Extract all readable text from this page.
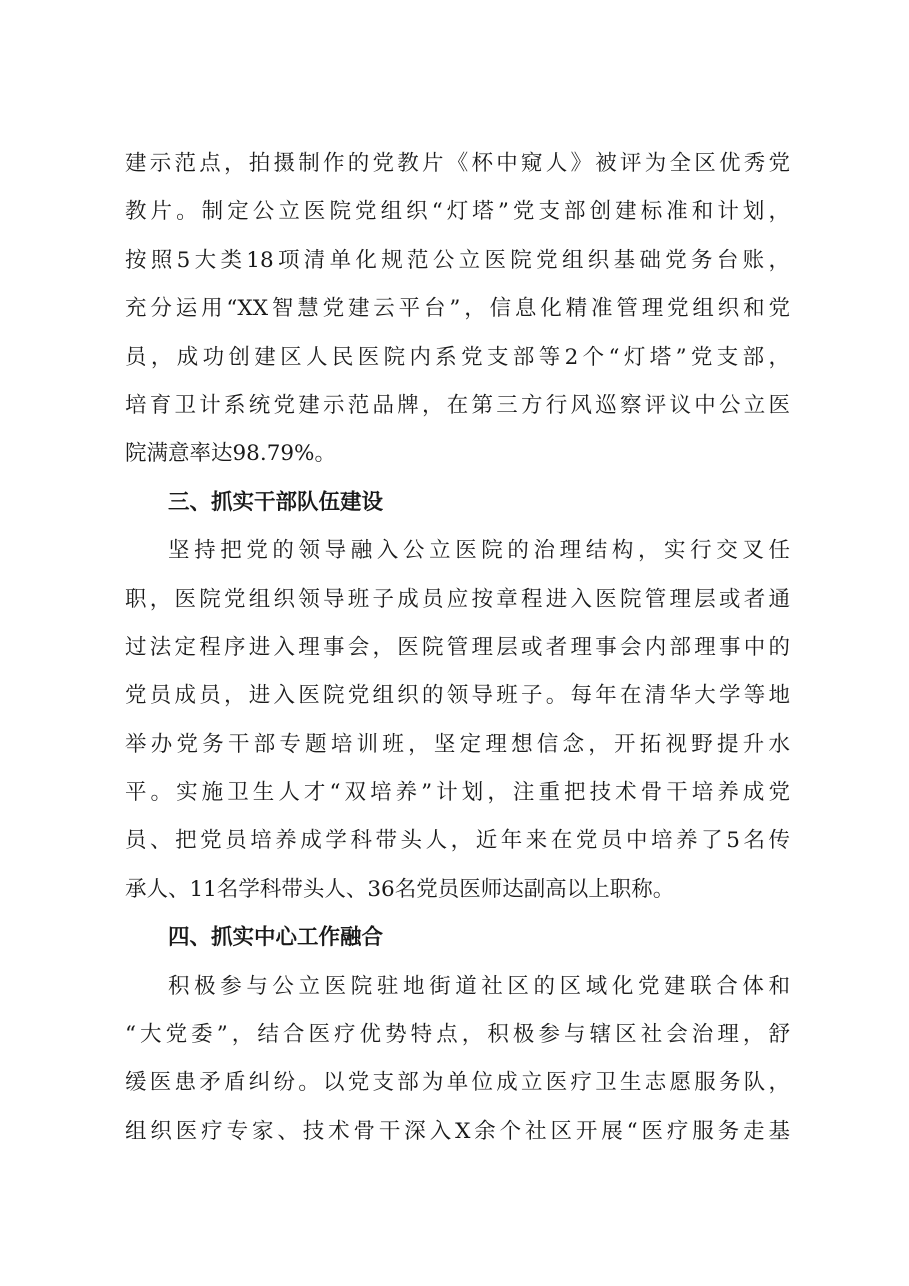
建示范点，拍摄制作的党教片《杯中窥人》被评为全区优秀党
教片。制定公立医院党组织“灯塔”党支部创建标准和计划，
按照5大类18项清单化规范公立医院党组织基础党务台账，
充分运用“XX智慧党建云平台”，信息化精准管理党组织和党
员，成功创建区人民医院内系党支部等2个“灯塔”党支部，
培育卫计系统党建示范品牌，在第三方行风巡察评议中公立医
院满意率达98.79%。
三、抓实干部队伍建设
坚持把党的领导融入公立医院的治理结构，实行交叉任
职，医院党组织领导班子成员应按章程进入医院管理层或者通
过法定程序进入理事会，医院管理层或者理事会内部理事中的
党员成员，进入医院党组织的领导班子。每年在清华大学等地
举办党务干部专题培训班，坚定理想信念，开拓视野提升水
平。实施卫生人才“双培养”计划，注重把技术骨干培养成党
员、把党员培养成学科带头人，近年来在党员中培养了5名传
承人、11名学科带头人、36名党员医师达副高以上职称。
四、抓实中心工作融合
积极参与公立医院驻地街道社区的区域化党建联合体和
“大党委”，结合医疗优势特点，积极参与辖区社会治理，舒
缓医患矛盾纠纷。以党支部为单位成立医疗卫生志愿服务队，
组织医疗专家、技术骨干深入X余个社区开展“医疗服务走基
